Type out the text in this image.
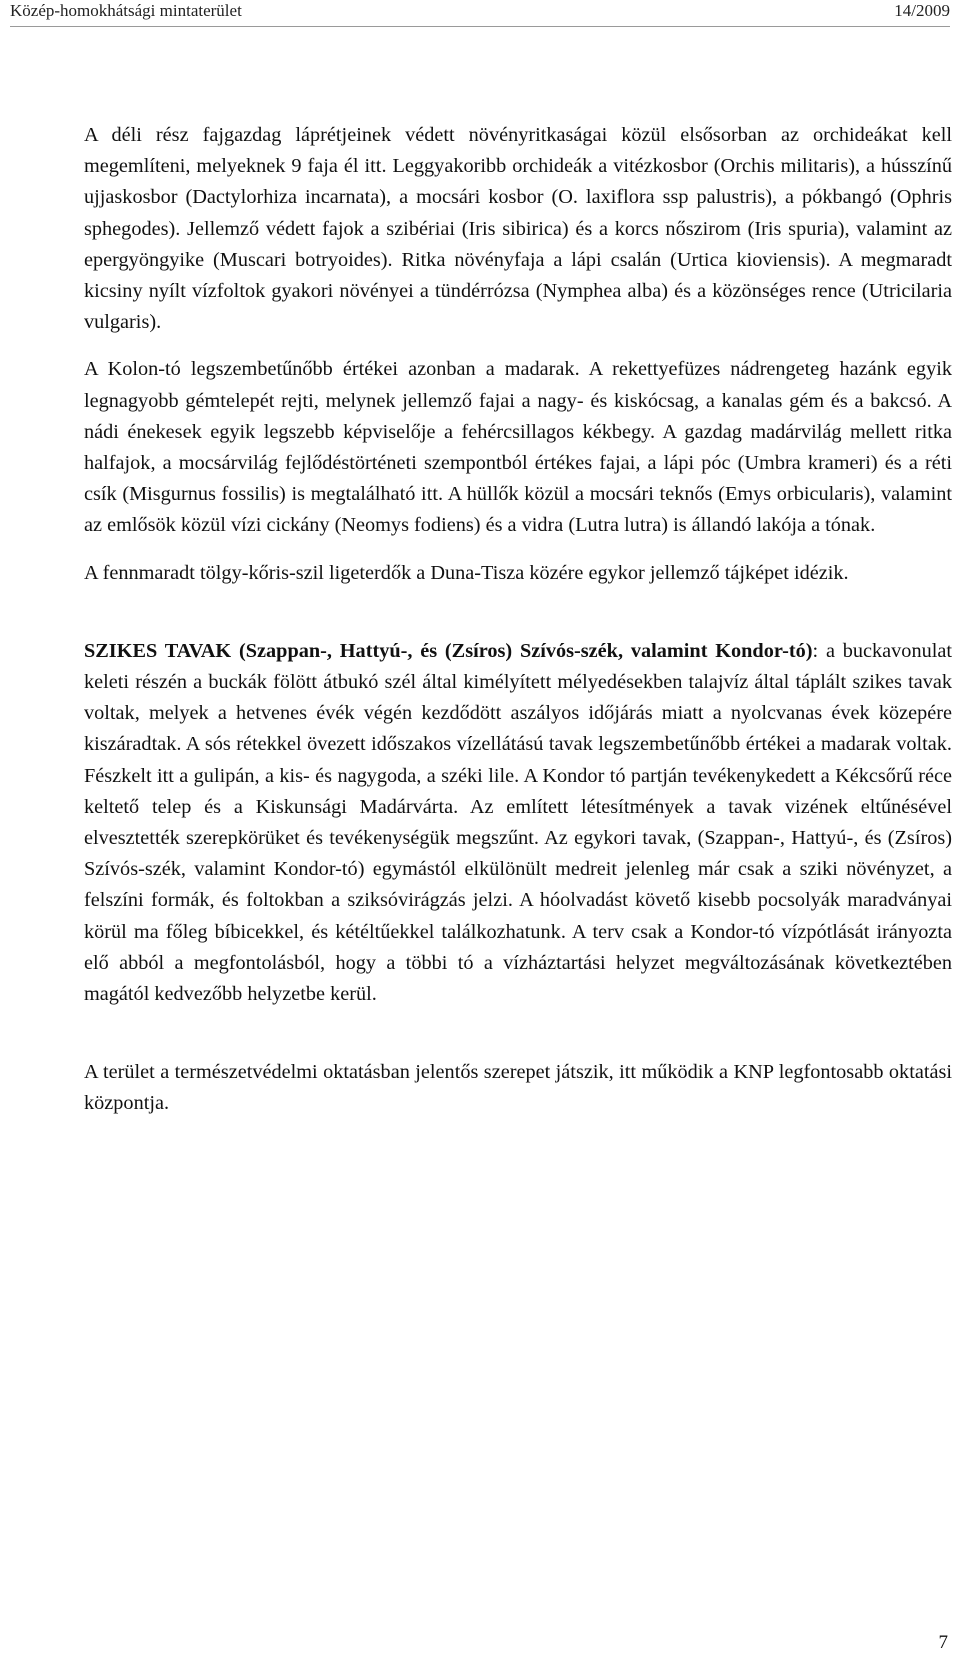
Közép-homokhátsági mintaterület	14/2009

A déli rész fajgazdag láprétjeinek védett növényritkaságai közül elsősorban az orchideákat kell megemlíteni, melyeknek 9 faja él itt. Leggyakoribb orchideák a vitézkosbor (Orchis militaris), a hússzínű ujjaskosbor (Dactylorhiza incarnata), a mocsári kosbor (O. laxiflora ssp palustris), a pókbangó (Ophris sphegodes). Jellemző védett fajok a szibériai (Iris sibirica) és a korcs nőszirom (Iris spuria), valamint az epergyöngyike (Muscari botryoides). Ritka növényfaja a lápi csalán (Urtica kioviensis). A megmaradt kicsiny nyílt vízfoltok gyakori növényei a tündérrózsa (Nymphea alba) és a közönséges rence (Utricilaria vulgaris).

A Kolon-tó legszembetűnőbb értékei azonban a madarak. A rekettyefüzes nádrengeteg hazánk egyik legnagyobb gémtelepét rejti, melynek jellemző fajai a nagy- és kiskócsag, a kanalas gém és a bakcsó. A nádi énekesek egyik legszebb képviselője a fehércsillagos kékbegy. A gazdag madárvilág mellett ritka halfajok, a mocsárvilág fejlődéstörténeti szempontból értékes fajai, a lápi póc (Umbra krameri) és a réti csík (Misgurnus fossilis) is megtalálható itt. A hüllők közül a mocsári teknős (Emys orbicularis), valamint az emlősök közül vízi cickány (Neomys fodiens) és a vidra (Lutra lutra) is állandó lakója a tónak.

A fennmaradt tölgy-kőris-szil ligeterdők a Duna-Tisza közére egykor jellemző tájképet idézik.

SZIKES TAVAK (Szappan-, Hattyú-, és (Zsíros) Szívós-szék, valamint Kondor-tó): a buckavonulat keleti részén a buckák fölött átbukó szél által kimélyített mélyedésekben talajvíz által táplált szikes tavak voltak, melyek a hetvenes évék végén kezdődött aszályos időjárás miatt a nyolcvanas évek közepére kiszáradtak. A sós rétekkel övezett időszakos vízellátású tavak legszembetűnőbb értékei a madarak voltak. Fészkelt itt a gulipán, a kis- és nagygoda, a széki lile. A Kondor tó partján tevékenykedett a Kékcsőrű réce keltető telep és a Kiskunsági Madárvárta. Az említett létesítmények a tavak vizének eltűnésével elvesztették szerepkörüket és tevékenységük megszűnt. Az egykori tavak, (Szappan-, Hattyú-, és (Zsíros) Szívós-szék, valamint Kondor-tó) egymástól elkülönült medreit jelenleg már csak a sziki növényzet, a felszíni formák, és foltokban a sziksóvirágzás jelzi. A hóolvadást követő kisebb pocsolyák maradványai körül ma főleg bíbicekkel, és kétéltűekkel találkozhatunk. A terv csak a Kondor-tó vízpótlását irányozta elő abból a megfontolásból, hogy a többi tó a vízháztartási helyzet megváltozásának következtében magától kedvezőbb helyzetbe kerül.

A terület a természetvédelmi oktatásban jelentős szerepet játszik, itt működik a KNP legfontosabb oktatási központja.

7
